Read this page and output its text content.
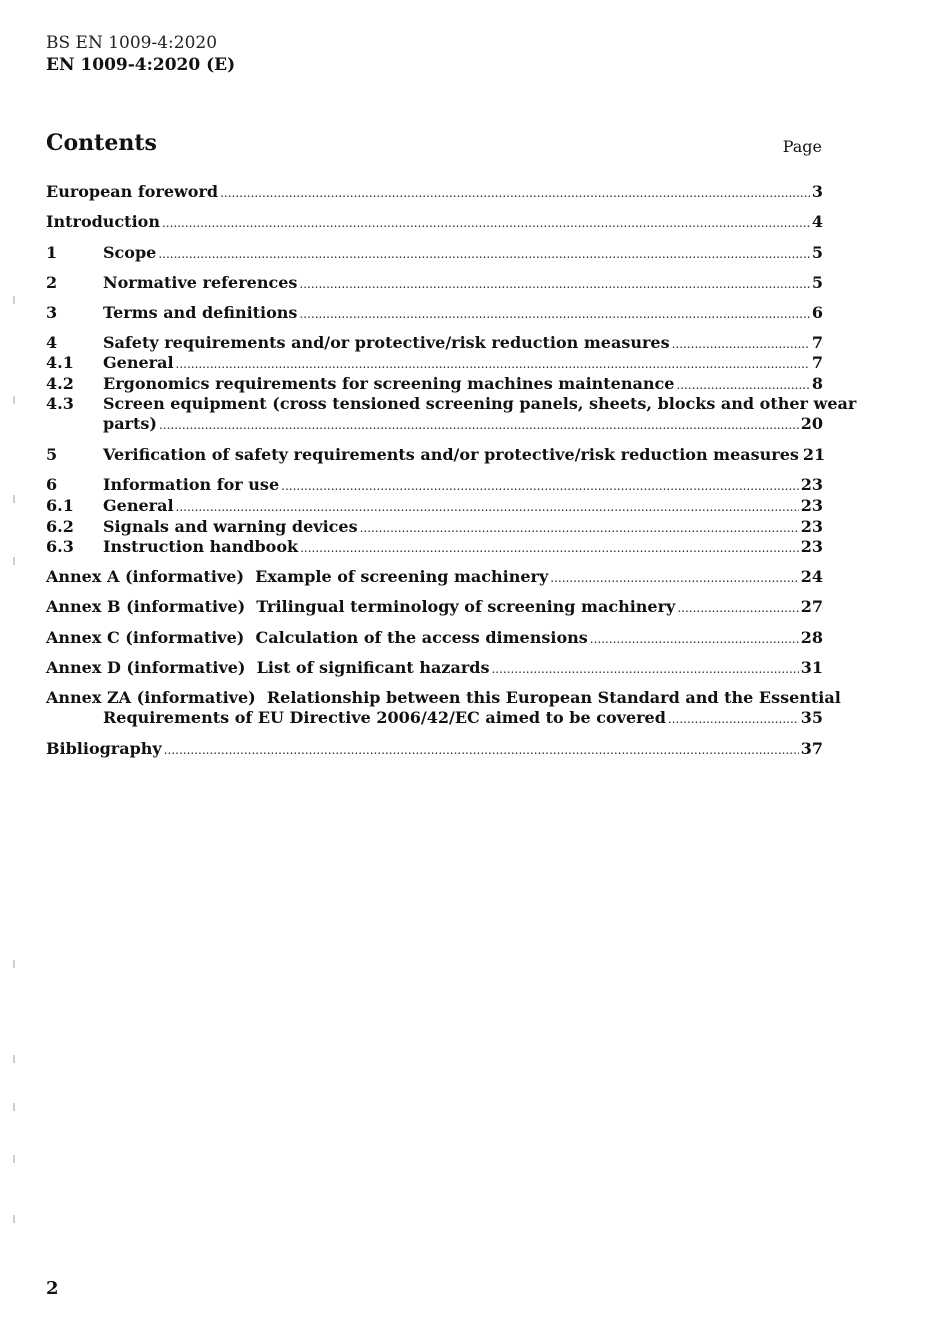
BS EN 1009-4:2020
EN 1009-4:2020 (E)
Contents	Page
European foreword .....	3
Introduction .....	4
1	Scope .....	5
2	Normative references .....	5
3	Terms and definitions .....	6
4	Safety requirements and/or protective/risk reduction measures .....	7
4.1 General .....	7
4.2 Ergonomics requirements for screening machines maintenance .....	8
4.3	Screen equipment (cross tensioned screening panels, sheets, blocks and other wear
parts) .....	20
5	Verification of safety requirements and/or protective/risk reduction measures 21
6	Information for use .....	23
6.1 General .....	23
6.2 Signals and warning devices .....	23
6.3 Instruction handbook .....	23
Annex A (informative)  Example of screening machinery .....	24
Annex B (informative)  Trilingual terminology of screening machinery .....	27
Annex C (informative)  Calculation of the access dimensions .....	28
Annex D (informative)  List of significant hazards .....	31
Annex ZA (informative)  Relationship between this European Standard and the Essential
Requirements of EU Directive 2006/42/EC aimed to be covered .....	35
Bibliography .....	37
2
